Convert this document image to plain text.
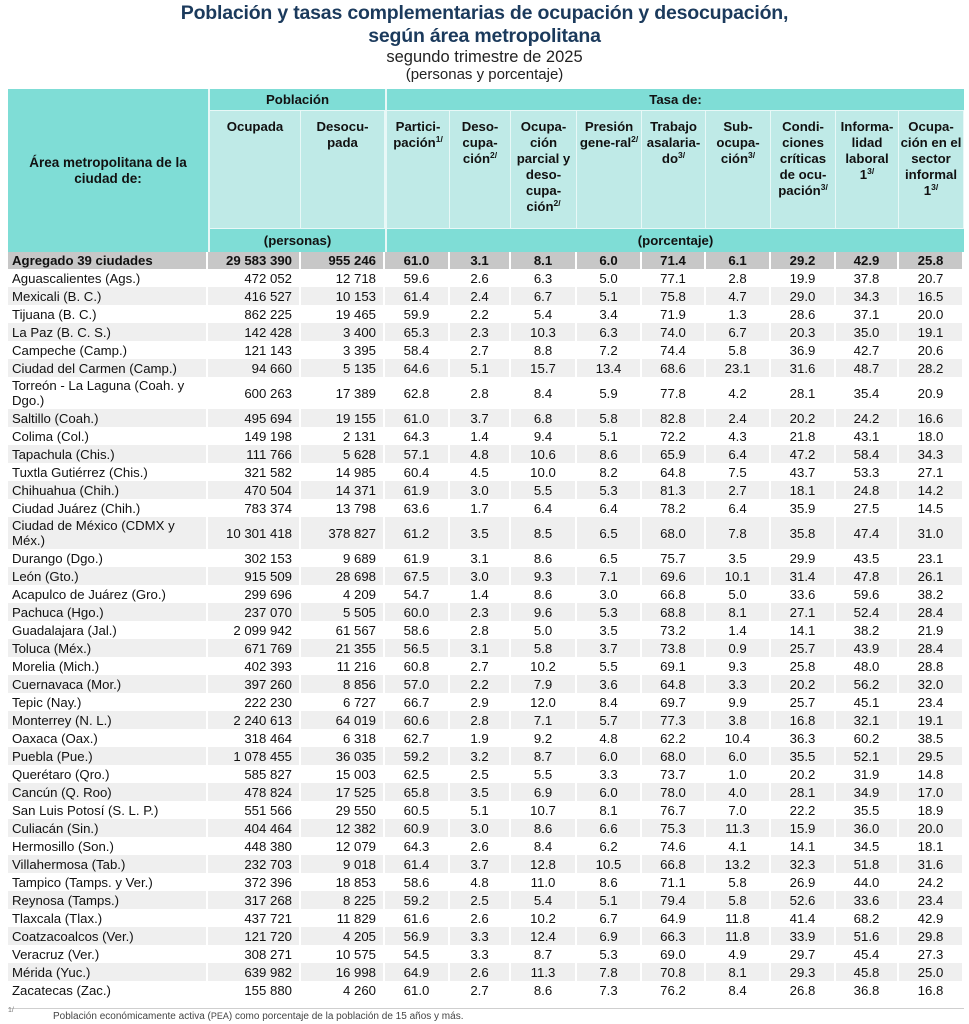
Población y tasas complementarias de ocupación y desocupación,
según área metropolitana
segundo trimestre de 2025
(personas y porcentaje)
Área metropolitana de la ciudad de:	Población		Tasa de:								
	Ocupada	Desocu-pada	Partici-pación$^{1/}$	Deso-cupa-ción$^{2/}$	Ocupa-ción parcial y deso-cupa-ción$^{2/}$	Presión gene-ral$^{2/}$	Trabajo asalaria-$do^{3/}$	Sub-ocupa-ción$^{3/}$	Condi-ciones críticas de ocu-pación$^{3/}$	Informa-lidad laboral $1^{3/}$	Ocupa-ción en el sector informal $1^{3/}$
	(personas)		(porcentaje)								
Agregado 39 ciudades	29 583 390	955 246	61.0	3.1	8.1	6.0	71.4	6.1	29.2	42.9	25.8
Aguascalientes (Ags.)	472 052	12 718	59.6	2.6	6.3	5.0	77.1	2.8	19.9	37.8	20.7
Mexicali (B. C.)	416 527	10 153	61.4	2.4	6.7	5.1	75.8	4.7	29.0	34.3	16.5
Tijuana (B. C.)	862 225	19 465	59.9	2.2	5.4	3.4	71.9	1.3	28.6	37.1	20.0
La Paz (B. C. S.)	142 428	3 400	65.3	2.3	10.3	6.3	74.0	6.7	20.3	35.0	19.1
Campeche (Camp.)	121 143	3 395	58.4	2.7	8.8	7.2	74.4	5.8	36.9	42.7	20.6
Ciudad del Carmen (Camp.)	94 660	5 135	64.6	5.1	15.7	13.4	68.6	23.1	31.6	48.7	28.2
Torreón - La Laguna (Coah. y Dgo.)	600 263	17 389	62.8	2.8	8.4	5.9	77.8	4.2	28.1	35.4	20.9
Saltillo (Coah.)	495 694	19 155	61.0	3.7	6.8	5.8	82.8	2.4	20.2	24.2	16.6
Colima (Col.)	149 198	2 131	64.3	1.4	9.4	5.1	72.2	4.3	21.8	43.1	18.0
Tapachula (Chis.)	111 766	5 628	57.1	4.8	10.6	8.6	65.9	6.4	47.2	58.4	34.3
Tuxtla Gutiérrez (Chis.)	321 582	14 985	60.4	4.5	10.0	8.2	64.8	7.5	43.7	53.3	27.1
Chihuahua (Chih.)	470 504	14 371	61.9	3.0	5.5	5.3	81.3	2.7	18.1	24.8	14.2
Ciudad Juárez (Chih.)	783 374	13 798	63.6	1.7	6.4	6.4	78.2	6.4	35.9	27.5	14.5
Ciudad de México (CDMX y Méx.)	10 301 418	378 827	61.2	3.5	8.5	6.5	68.0	7.8	35.8	47.4	31.0
Durango (Dgo.)	302 153	9 689	61.9	3.1	8.6	6.5	75.7	3.5	29.9	43.5	23.1
León (Gto.)	915 509	28 698	67.5	3.0	9.3	7.1	69.6	10.1	31.4	47.8	26.1
Acapulco de Juárez (Gro.)	299 696	4 209	54.7	1.4	8.6	3.0	66.8	5.0	33.6	59.6	38.2
Pachuca (Hgo.)	237 070	5 505	60.0	2.3	9.6	5.3	68.8	8.1	27.1	52.4	28.4
Guadalajara (Jal.)	2 099 942	61 567	58.6	2.8	5.0	3.5	73.2	1.4	14.1	38.2	21.9
Toluca (Méx.)	671 769	21 355	56.5	3.1	5.8	3.7	73.8	0.9	25.7	43.9	28.4
Morelia (Mich.)	402 393	11 216	60.8	2.7	10.2	5.5	69.1	9.3	25.8	48.0	28.8
Cuernavaca (Mor.)	397 260	8 856	57.0	2.2	7.9	3.6	64.8	3.3	20.2	56.2	32.0
Tepic (Nay.)	222 230	6 727	66.7	2.9	12.0	8.4	69.7	9.9	25.7	45.1	23.4
Monterrey (N. L.)	2 240 613	64 019	60.6	2.8	7.1	5.7	77.3	3.8	16.8	32.1	19.1
Oaxaca (Oax.)	318 464	6 318	62.7	1.9	9.2	4.8	62.2	10.4	36.3	60.2	38.5
Puebla (Pue.)	1 078 455	36 035	59.2	3.2	8.7	6.0	68.0	6.0	35.5	52.1	29.5
Querétaro (Qro.)	585 827	15 003	62.5	2.5	5.5	3.3	73.7	1.0	20.2	31.9	14.8
Cancún (Q. Roo)	478 824	17 525	65.8	3.5	6.9	6.0	78.0	4.0	28.1	34.9	17.0
San Luis Potosí (S. L. P.)	551 566	29 550	60.5	5.1	10.7	8.1	76.7	7.0	22.2	35.5	18.9
Culiacán (Sin.)	404 464	12 382	60.9	3.0	8.6	6.6	75.3	11.3	15.9	36.0	20.0
Hermosillo (Son.)	448 380	12 079	64.3	2.6	8.4	6.2	74.6	4.1	14.1	34.5	18.1
Villahermosa (Tab.)	232 703	9 018	61.4	3.7	12.8	10.5	66.8	13.2	32.3	51.8	31.6
Tampico (Tamps. y Ver.)	372 396	18 853	58.6	4.8	11.0	8.6	71.1	5.8	26.9	44.0	24.2
Reynosa (Tamps.)	317 268	8 225	59.2	2.5	5.4	5.1	79.4	5.8	52.6	33.6	23.4
Tlaxcala (Tlax.)	437 721	11 829	61.6	2.6	10.2	6.7	64.9	11.8	41.4	68.2	42.9
Coatzacoalcos (Ver.)	121 720	4 205	56.9	3.3	12.4	6.9	66.3	11.8	33.9	51.6	29.8
Veracruz (Ver.)	308 271	10 575	54.5	3.3	8.7	5.3	69.0	4.9	29.7	45.4	27.3
Mérida (Yuc.)	639 982	16 998	64.9	2.6	11.3	7.8	70.8	8.1	29.3	45.8	25.0
Zacatecas (Zac.)	155 880	4 260	61.0	2.7	8.6	7.3	76.2	8.4	26.8	36.8	16.8
$^{1/}$
Población económicamente activa (PEA) como porcentaje de la población de 15 años y más.
